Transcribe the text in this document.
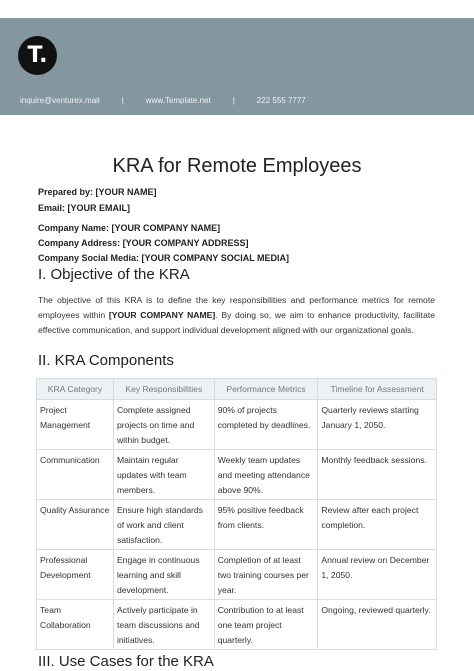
T.
inquire@venturex.mail	|	www.Template.net	|	222 555 7777
KRA for Remote Employees
Prepared by: [YOUR NAME]
Email: [YOUR EMAIL]
Company Name: [YOUR COMPANY NAME]
Company Address: [YOUR COMPANY ADDRESS]
Company Social Media: [YOUR COMPANY SOCIAL MEDIA]
I. Objective of the KRA

The objective of this KRA is to define the key responsibilities and performance metrics for remote employees within [YOUR COMPANY NAME]. By doing so, we aim to enhance productivity, facilitate effective communication, and support individual development aligned with our organizational goals.

II. KRA Components
KRA Category	Key Responsibilities	Performance Metrics	Timeline for Assessment
Project Management	Complete assigned projects on time and within budget.	90% of projects completed by deadlines.	Quarterly reviews starting January 1, 2050.
Communication	Maintain regular updates with team members.	Weekly team updates and meeting attendance above 90%.	Monthly feedback sessions.
Quality Assurance	Ensure high standards of work and client satisfaction.	95% positive feedback from clients.	Review after each project completion.
Professional Development	Engage in continuous learning and skill development.	Completion of at least two training courses per year.	Annual review on December 1, 2050.
Team Collaboration	Actively participate in team discussions and initiatives.	Contribution to at least one team project quarterly.	Ongoing, reviewed quarterly.
III. Use Cases for the KRA
